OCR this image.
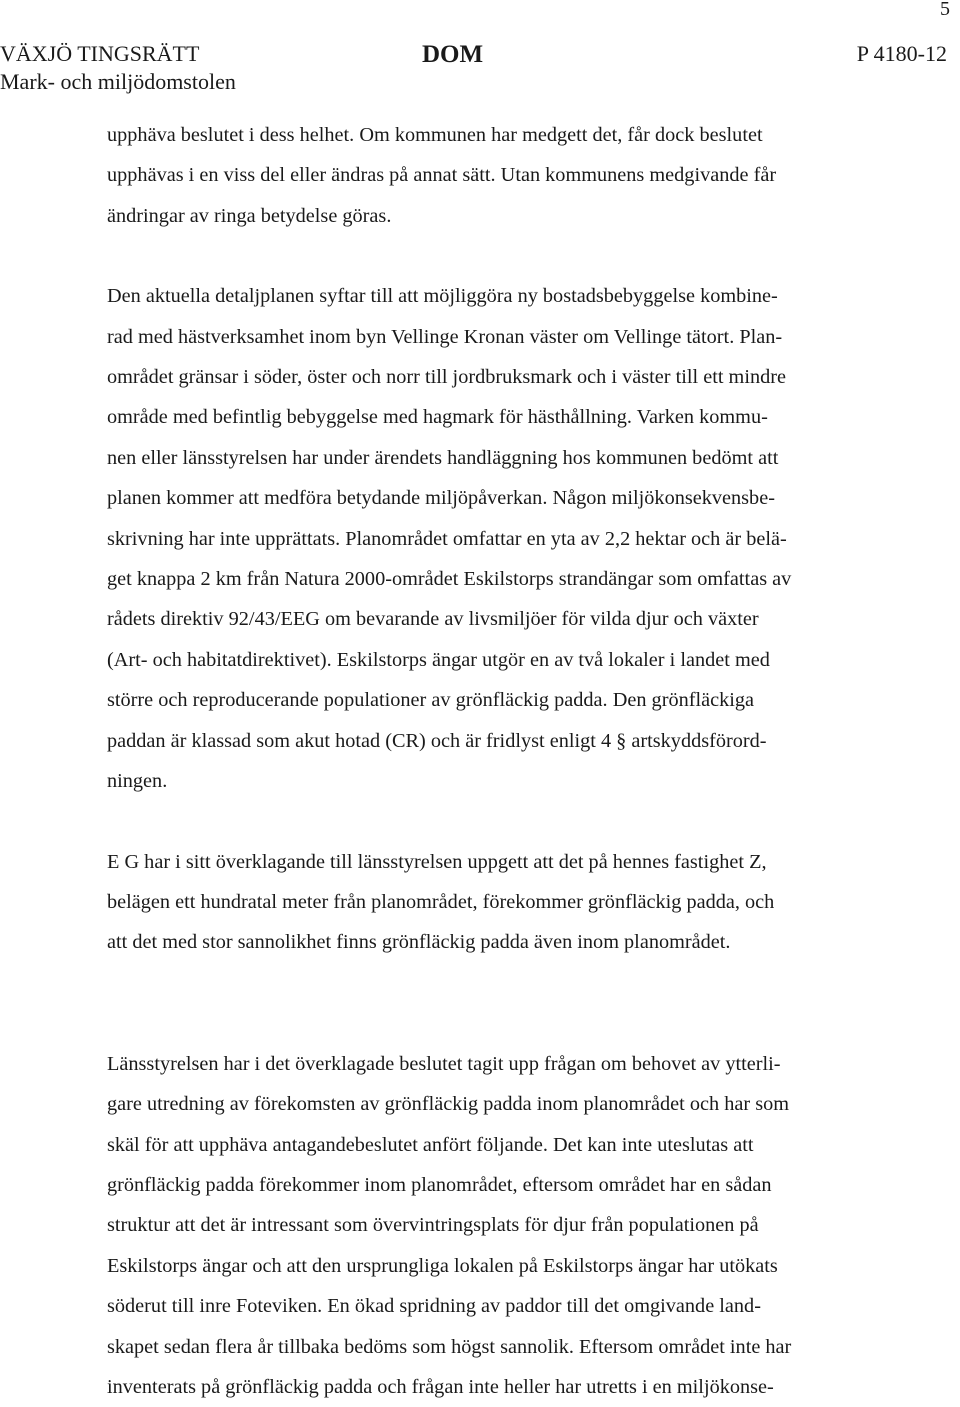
5
VÄXJÖ TINGSRÄTT
Mark- och miljödomstolen
DOM	P 4180-12

upphäva beslutet i dess helhet. Om kommunen har medgett det, får dock beslutet
upphävas i en viss del eller ändras på annat sätt. Utan kommunens medgivande får
ändringar av ringa betydelse göras.

Den aktuella detaljplanen syftar till att möjliggöra ny bostadsbebyggelse kombine-
rad med hästverksamhet inom byn Vellinge Kronan väster om Vellinge tätort. Plan-
området gränsar i söder, öster och norr till jordbruksmark och i väster till ett mindre
område med befintlig bebyggelse med hagmark för hästhållning. Varken kommu-
nen eller länsstyrelsen har under ärendets handläggning hos kommunen bedömt att
planen kommer att medföra betydande miljöpåverkan. Någon miljökonsekvensbe-
skrivning har inte upprättats. Planområdet omfattar en yta av 2,2 hektar och är belä-
get knappa 2 km från Natura 2000-området Eskilstorps strandängar som omfattas av
rådets direktiv 92/43/EEG om bevarande av livsmiljöer för vilda djur och växter
(Art- och habitatdirektivet). Eskilstorps ängar utgör en av två lokaler i landet med
större och reproducerande populationer av grönfläckig padda. Den grönfläckiga
paddan är klassad som akut hotad (CR) och är fridlyst enligt 4 § artskyddsförord-
ningen.

E G har i sitt överklagande till länsstyrelsen uppgett att det på hennes fastighet Z,
belägen ett hundratal meter från planområdet, förekommer grönfläckig padda, och
att det med stor sannolikhet finns grönfläckig padda även inom planområdet.

Länsstyrelsen har i det överklagade beslutet tagit upp frågan om behovet av ytterli-
gare utredning av förekomsten av grönfläckig padda inom planområdet och har som
skäl för att upphäva antagandebeslutet anfört följande. Det kan inte uteslutas att
grönfläckig padda förekommer inom planområdet, eftersom området har en sådan
struktur att det är intressant som övervintringsplats för djur från populationen på
Eskilstorps ängar och att den ursprungliga lokalen på Eskilstorps ängar har utökats
söderut till inre Foteviken. En ökad spridning av paddor till det omgivande land-
skapet sedan flera år tillbaka bedöms som högst sannolik. Eftersom området inte har
inventerats på grönfläckig padda och frågan inte heller har utretts i en miljökonse-
